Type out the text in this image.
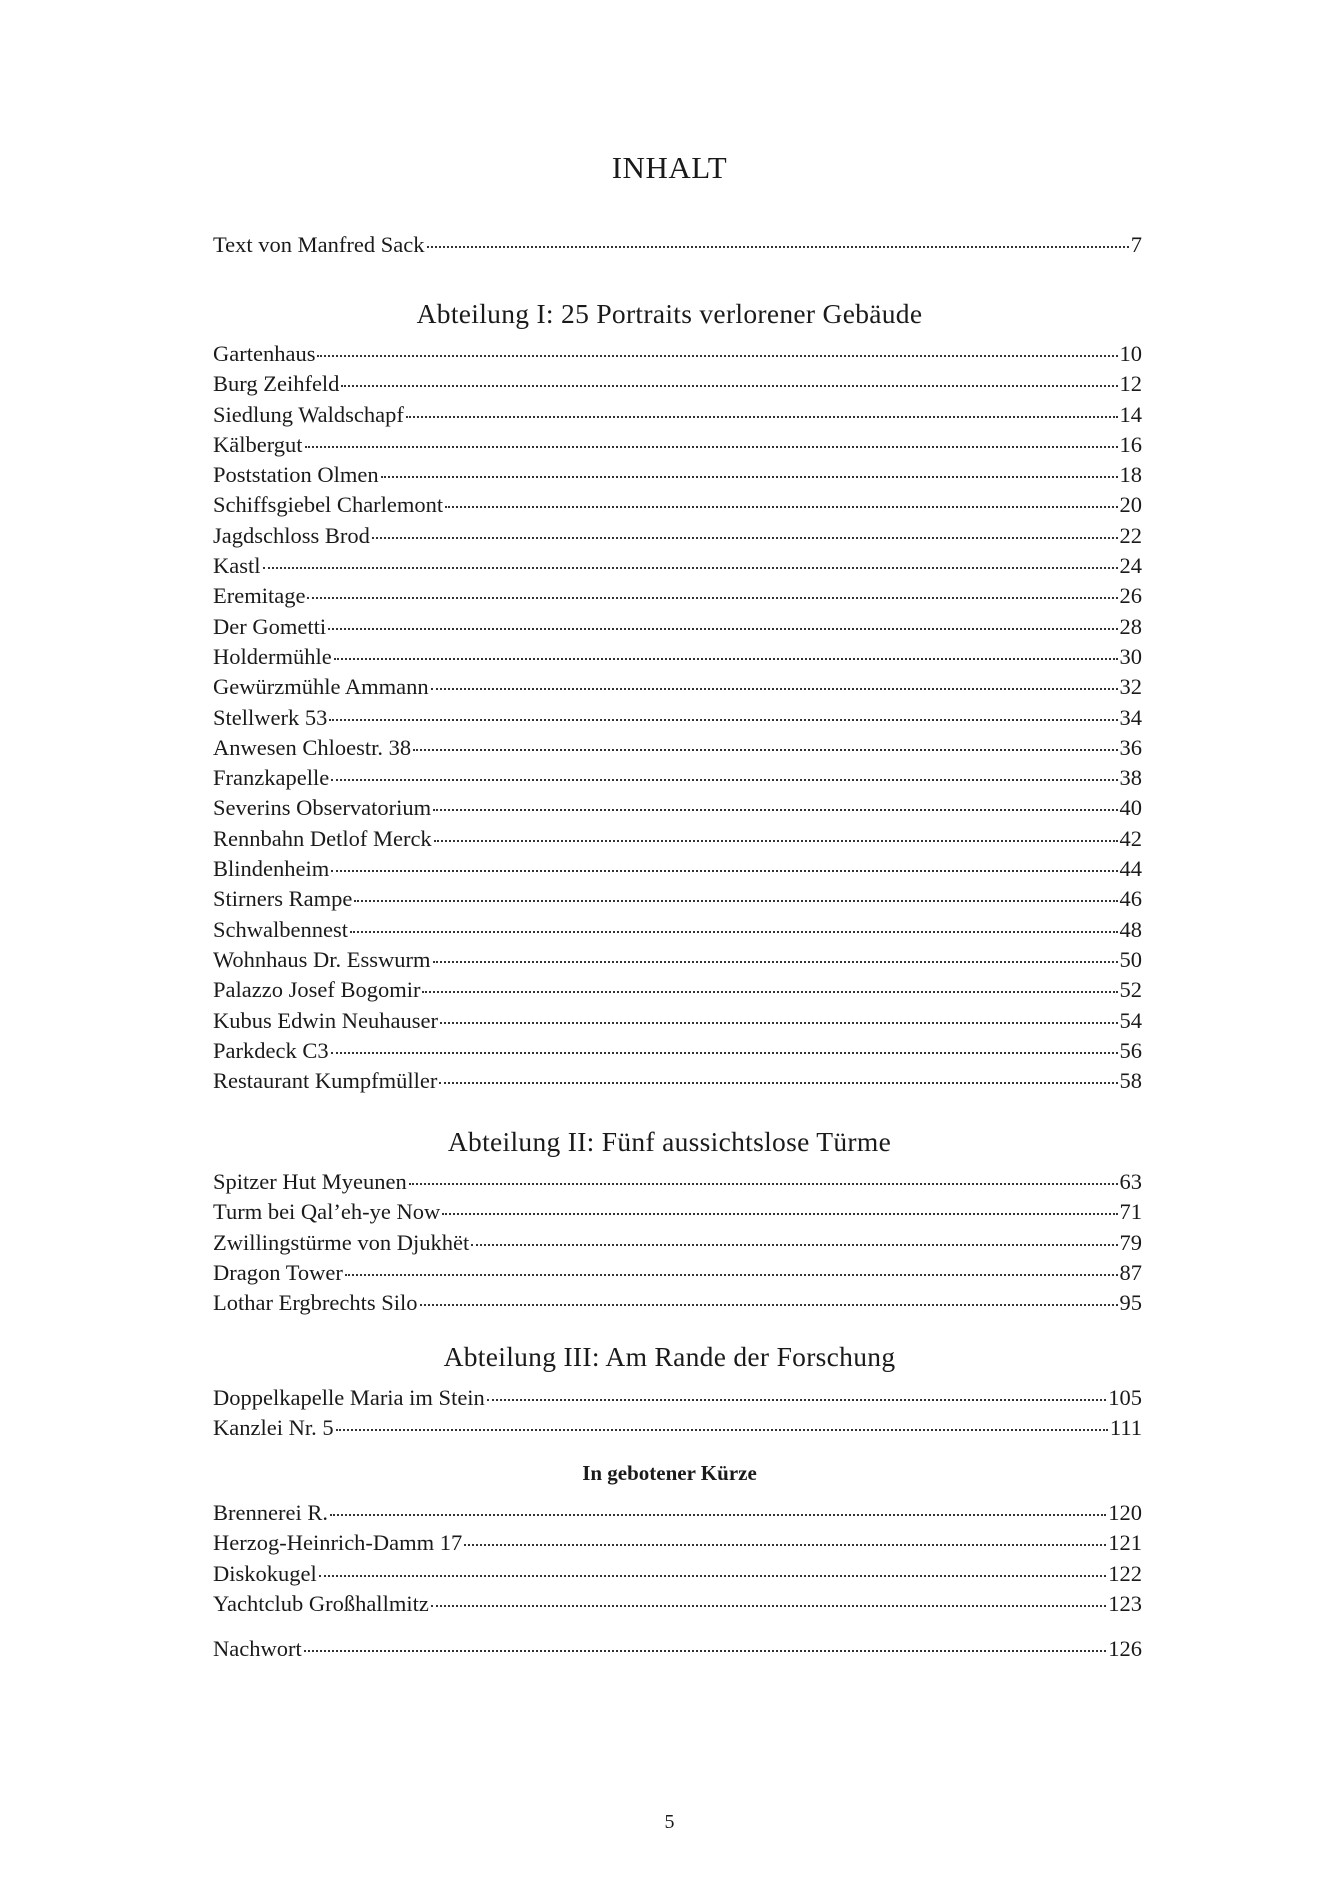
INHALT
Text von Manfred Sack	7
Abteilung I: 25 Portraits verlorener Gebäude
Gartenhaus	10
Burg Zeihfeld	12
Siedlung Waldschapf	14
Kälbergut	16
Poststation Olmen	18
Schiffsgiebel Charlemont	20
Jagdschloss Brod	22
Kastl	24
Eremitage	26
Der Gometti	28
Holdermühle	30
Gewürzmühle Ammann	32
Stellwerk 53	34
Anwesen Chloestr. 38	36
Franzkapelle	38
Severins Observatorium	40
Rennbahn Detlof Merck	42
Blindenheim	44
Stirners Rampe	46
Schwalbennest	48
Wohnhaus Dr. Esswurm	50
Palazzo Josef Bogomir	52
Kubus Edwin Neuhauser	54
Parkdeck C3	56
Restaurant Kumpfmüller	58
Abteilung II: Fünf aussichtslose Türme
Spitzer Hut Myeunen	63
Turm bei Qal’eh-ye Now	71
Zwillingstürme von Djukhët	79
Dragon Tower	87
Lothar Ergbrechts Silo	95
Abteilung III: Am Rande der Forschung
Doppelkapelle Maria im Stein	105
Kanzlei Nr. 5	111
In gebotener Kürze
Brennerei R.	120
Herzog-Heinrich-Damm 17	121
Diskokugel	122
Yachtclub Großhallmitz	123
Nachwort	126
5
